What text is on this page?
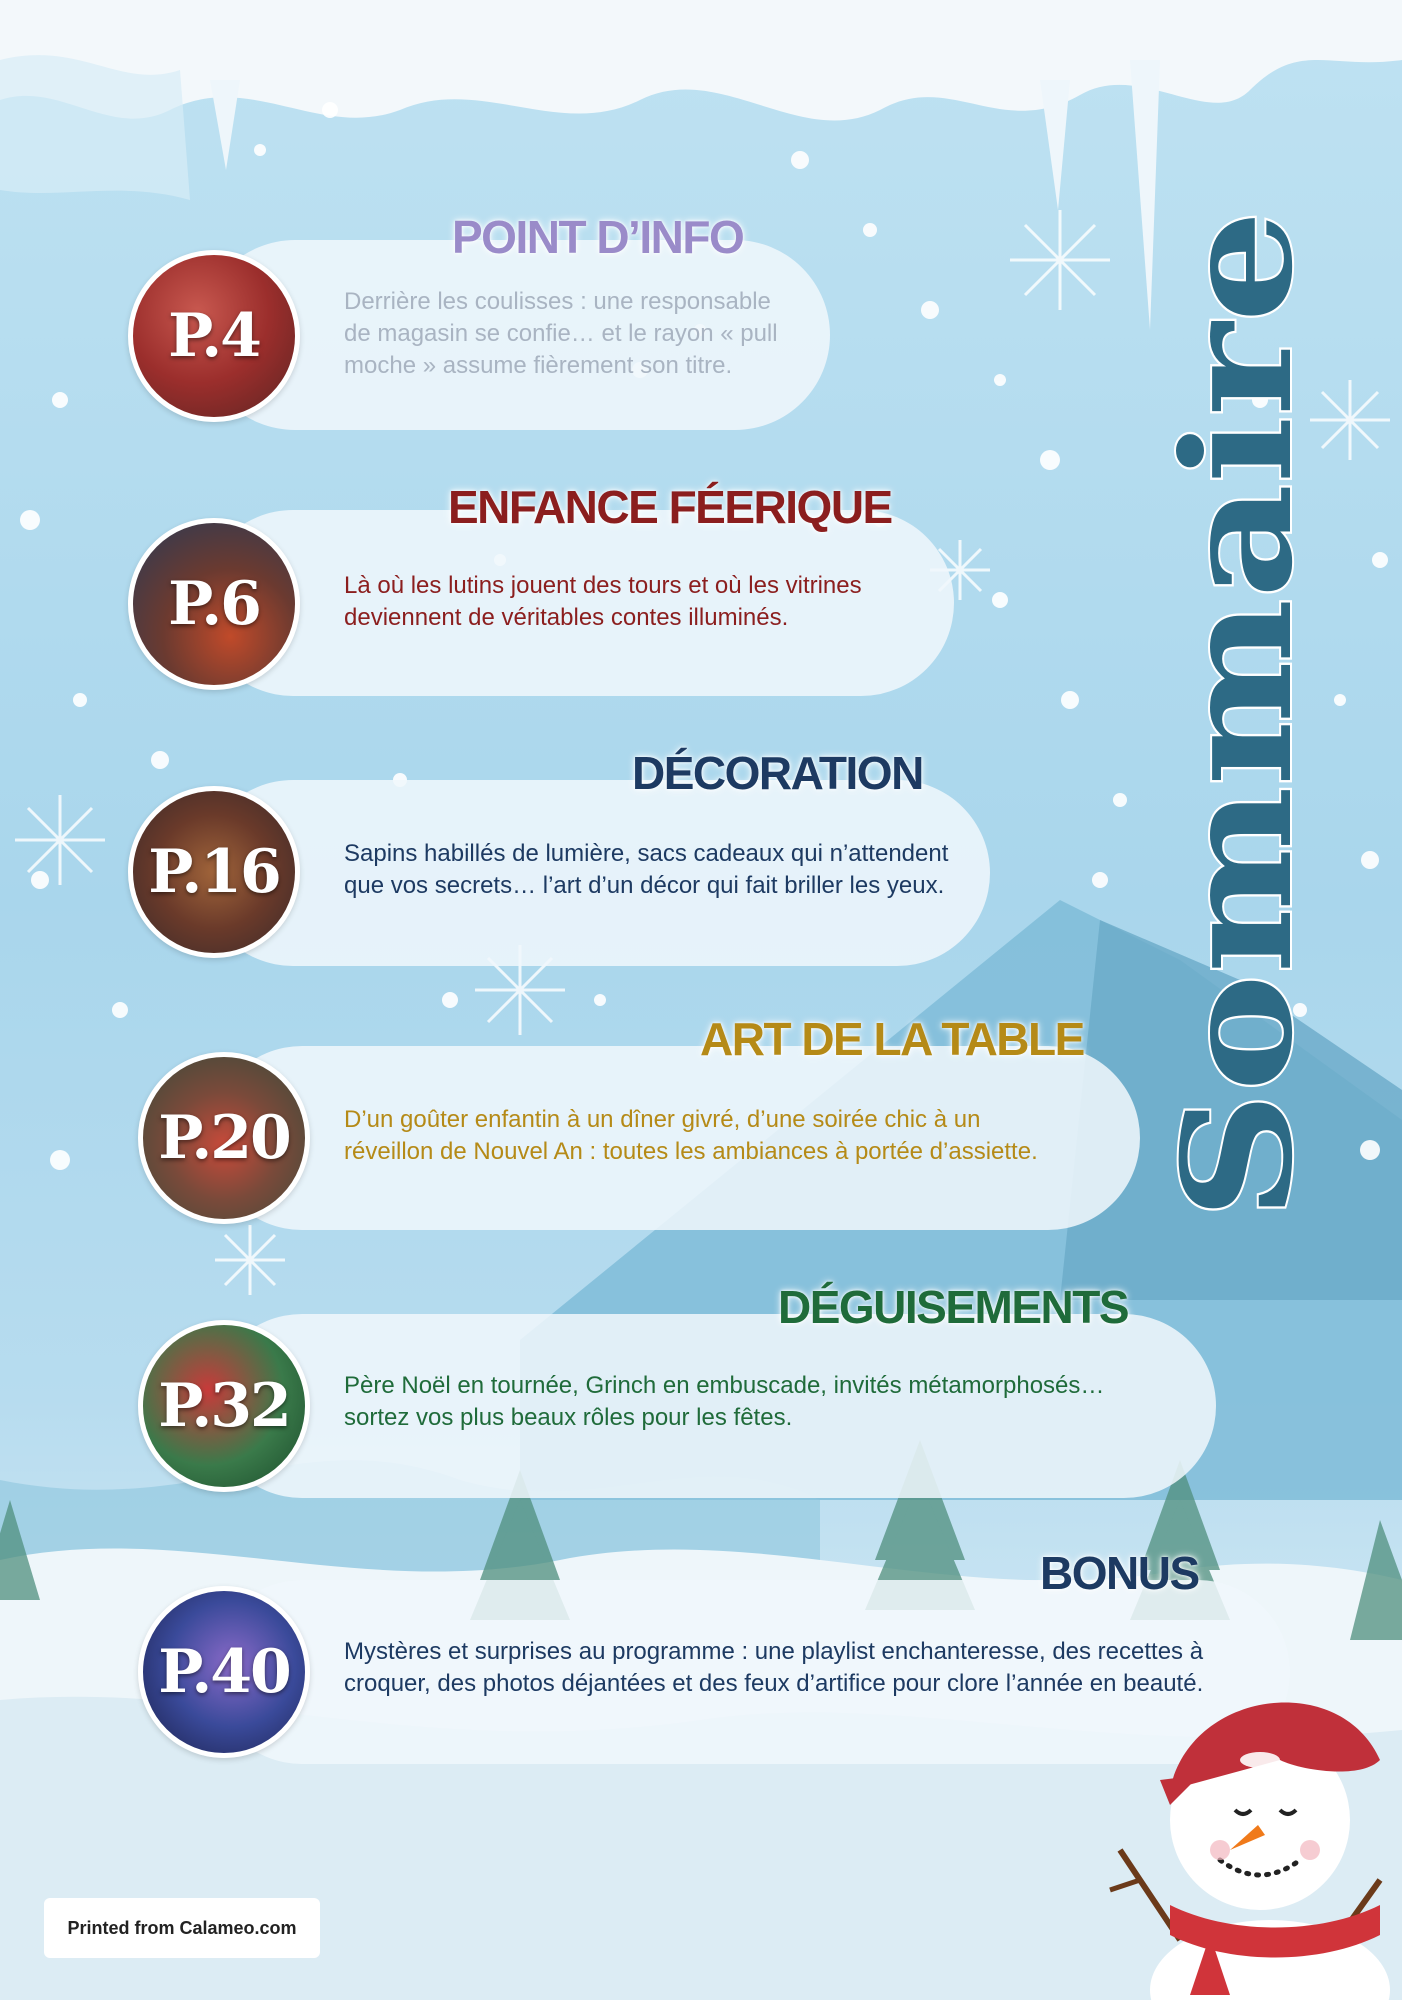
Sommaire
POINT D’INFO
P.4	Derrière les coulisses : une responsable
de magasin se confie… et le rayon « pull
moche » assume fièrement son titre.
ENFANCE FÉERIQUE
P.6	Là où les lutins jouent des tours et où les vitrines
deviennent de véritables contes illuminés.
DÉCORATION
P.16	Sapins habillés de lumière, sacs cadeaux qui n’attendent
que vos secrets… l’art d’un décor qui fait briller les yeux.
ART DE LA TABLE
P.20 D’un goûter enfantin à un dîner givré, d’une soirée chic à un
réveillon de Nouvel An : toutes les ambiances à portée d’assiette.
DÉGUISEMENTS
P.32 Père Noël en tournée, Grinch en embuscade, invités métamorphosés…
sortez vos plus beaux rôles pour les fêtes.
BONUS
P.40 Mystères et surprises au programme : une playlist enchanteresse, des recettes à
croquer, des photos déjantées et des feux d’artifice pour clore l’année en beauté.
Printed from Calameo.com
